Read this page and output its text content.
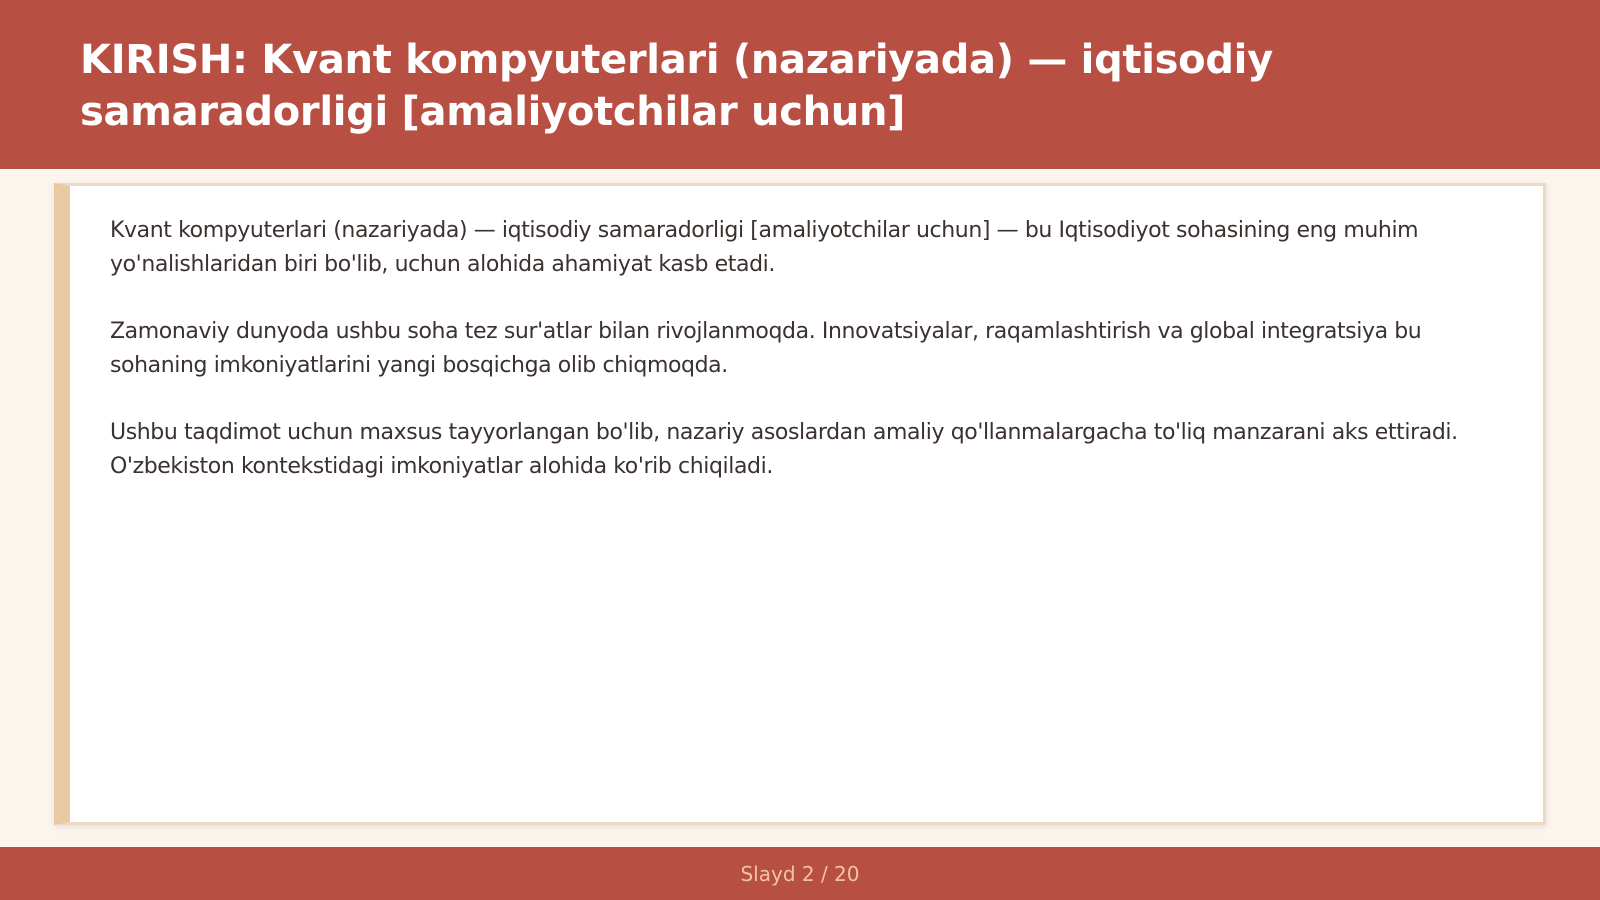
KIRISH: Kvant kompyuterlari (nazariyada) — iqtisodiy samaradorligi [amaliyotchilar uchun]

Kvant kompyuterlari (nazariyada) — iqtisodiy samaradorligi [amaliyotchilar uchun] — bu Iqtisodiyot sohasining eng muhim yo'nalishlaridan biri bo'lib, uchun alohida ahamiyat kasb etadi.

Zamonaviy dunyoda ushbu soha tez sur'atlar bilan rivojlanmoqda. Innovatsiyalar, raqamlashtirish va global integratsiya bu sohaning imkoniyatlarini yangi bosqichga olib chiqmoqda.

Ushbu taqdimot uchun maxsus tayyorlangan bo'lib, nazariy asoslardan amaliy qo'llanmalargacha to'liq manzarani aks ettiradi. O'zbekiston kontekstidagi imkoniyatlar alohida ko'rib chiqiladi.

Slayd 2 / 20
